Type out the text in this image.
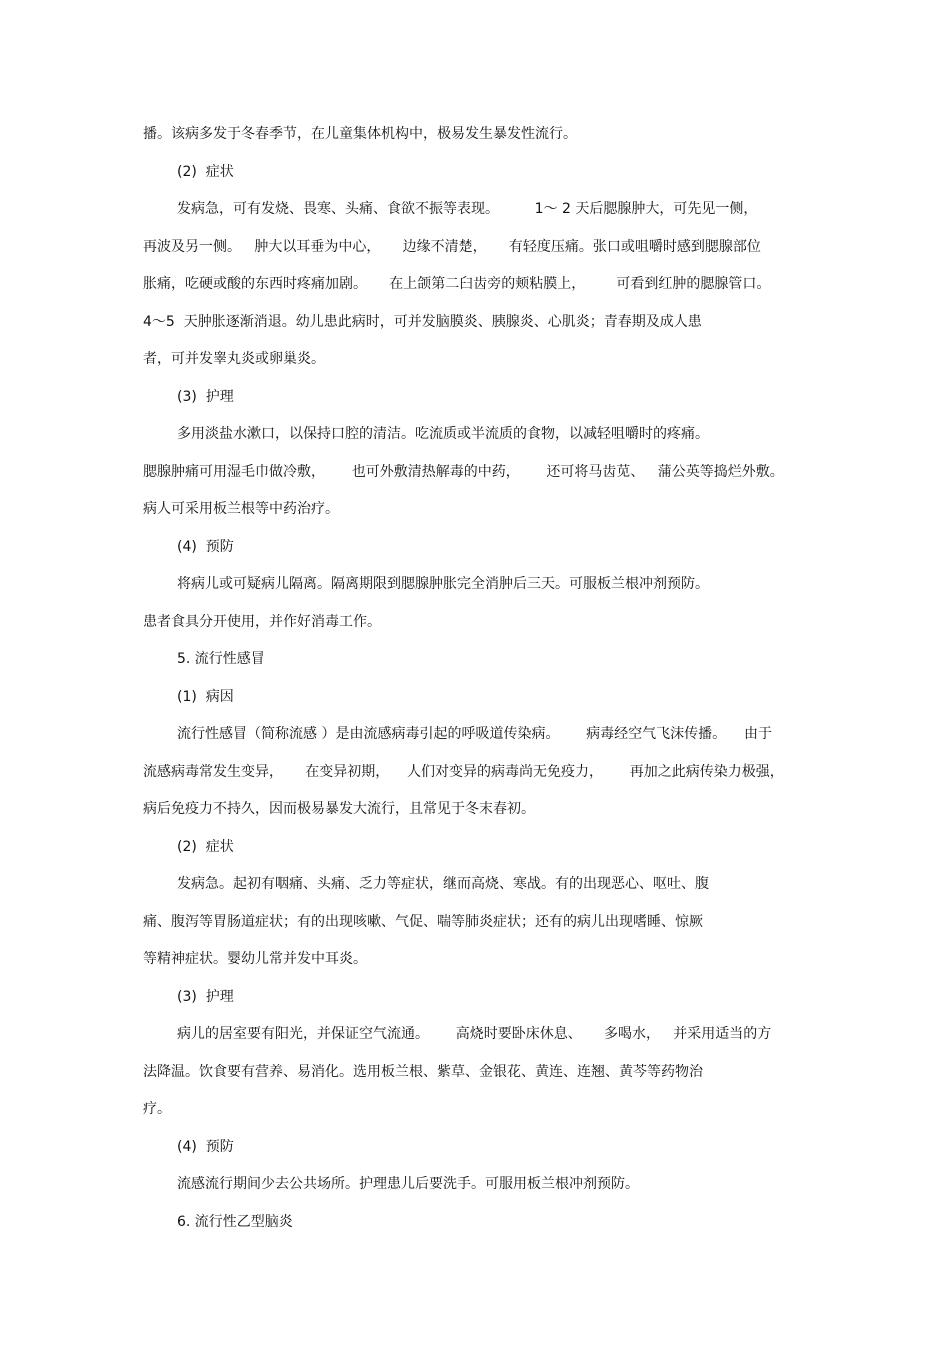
播。该病多发于冬春季节，在儿童集体机构中，极易发生暴发性流行。
(2)  症状
发病急，可有发烧、畏寒、头痛、食欲不振等表现。        1～ 2 天后腮腺肿大，可先见一侧，
再波及另一侧。   肿大以耳垂为中心，     边缘不清楚，     有轻度压痛。张口或咀嚼时感到腮腺部位
胀痛，吃硬或酸的东西时疼痛加剧。     在上颌第二臼齿旁的颊粘膜上，       可看到红肿的腮腺管口。
4～5  天肿胀逐渐消退。幼儿患此病时，可并发脑膜炎、胰腺炎、心肌炎；青春期及成人患
者，可并发睾丸炎或卵巢炎。
(3)  护理
多用淡盐水漱口，以保持口腔的清洁。吃流质或半流质的食物，以减轻咀嚼时的疼痛。
腮腺肿痛可用湿毛巾做冷敷，      也可外敷清热解毒的中药，      还可将马齿苋、   蒲公英等捣烂外敷。
病人可采用板兰根等中药治疗。
(4)  预防
将病儿或可疑病儿隔离。隔离期限到腮腺肿胀完全消肿后三天。可服板兰根冲剂预防。
患者食具分开使用，并作好消毒工作。
5. 流行性感冒
(1)  病因
流行性感冒（简称流感 ）是由流感病毒引起的呼吸道传染病。      病毒经空气飞沫传播。    由于
流感病毒常发生变异，     在变异初期，    人们对变异的病毒尚无免疫力，      再加之此病传染力极强，
病后免疫力不持久，因而极易暴发大流行，且常见于冬末春初。
(2)  症状
发病急。起初有咽痛、头痛、乏力等症状，继而高烧、寒战。有的出现恶心、呕吐、腹
痛、腹泻等胃肠道症状；有的出现咳嗽、气促、喘等肺炎症状；还有的病儿出现嗜睡、惊厥
等精神症状。婴幼儿常并发中耳炎。
(3)  护理
病儿的居室要有阳光，并保证空气流通。      高烧时要卧床休息、     多喝水，   并采用适当的方
法降温。饮食要有营养、易消化。选用板兰根、紫草、金银花、黄连、连翘、黄芩等药物治
疗。
(4)  预防
流感流行期间少去公共场所。护理患儿后要洗手。可服用板兰根冲剂预防。
6. 流行性乙型脑炎
